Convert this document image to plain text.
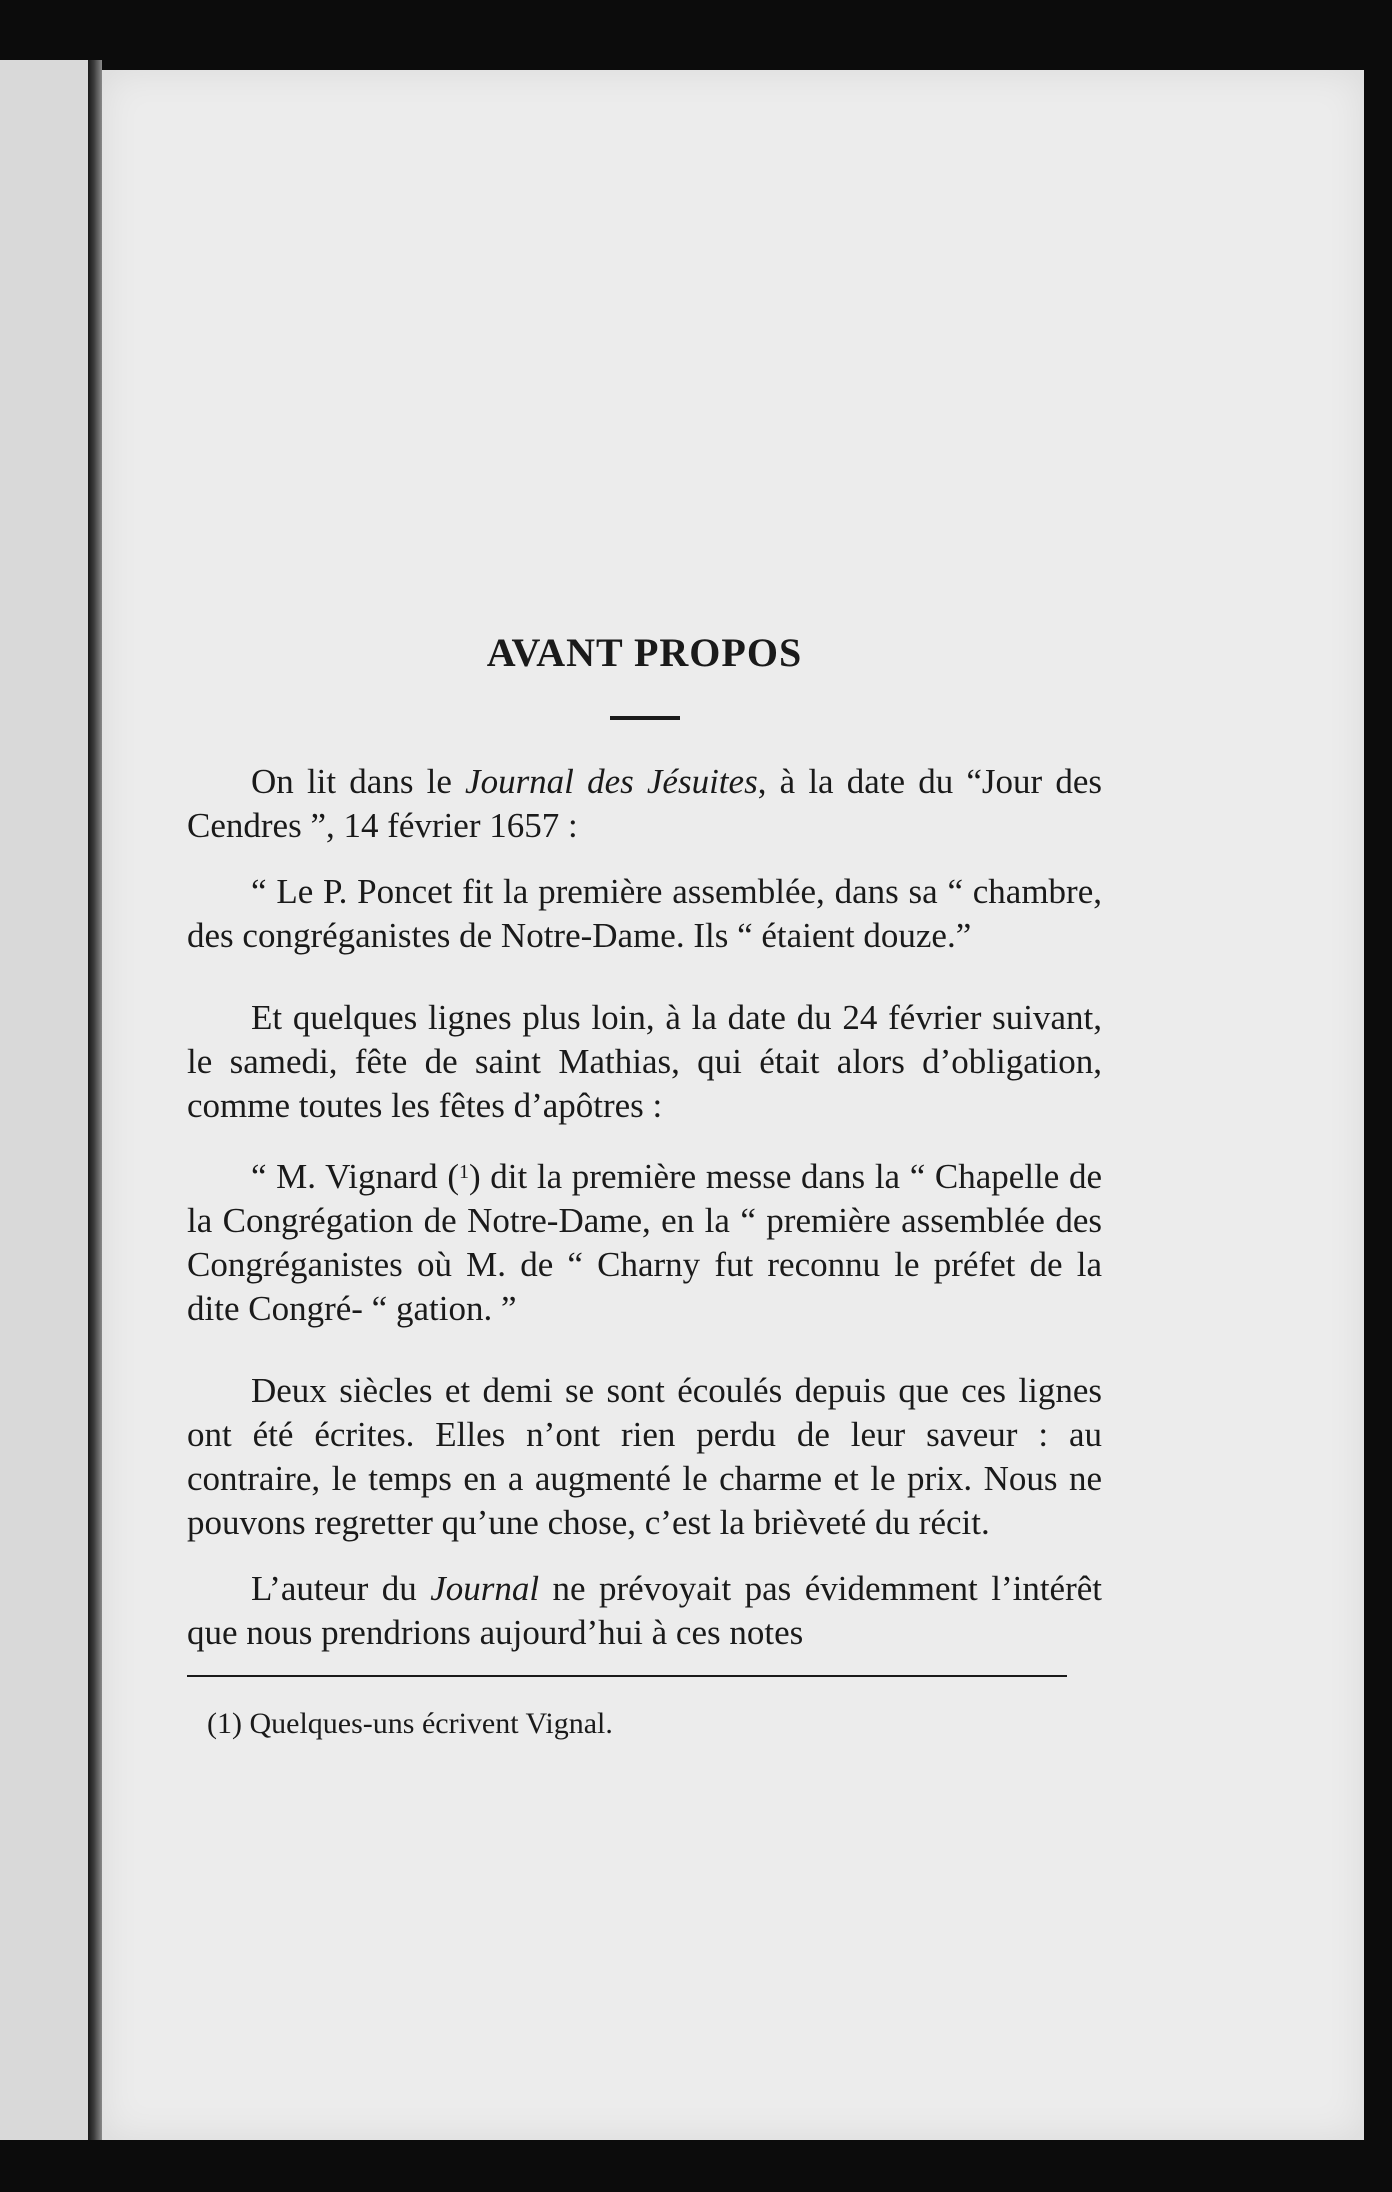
AVANT PROPOS

On lit dans le Journal des Jésuites, à la date du “Jour des Cendres ”, 14 février 1657 :

“ Le P. Poncet fit la première assemblée, dans sa “ chambre, des congréganistes de Notre-Dame. Ils “ étaient douze.”

Et quelques lignes plus loin, à la date du 24 février suivant, le samedi, fête de saint Mathias, qui était alors d’obligation, comme toutes les fêtes d’apôtres :

“ M. Vignard ($^1$) dit la première messe dans la “ Chapelle de la Congrégation de Notre-Dame, en la “ première assemblée des Congréganistes où M. de “ Charny fut reconnu le préfet de la dite Congré- “ gation. ”

Deux siècles et demi se sont écoulés depuis que ces lignes ont été écrites. Elles n’ont rien perdu de leur saveur : au contraire, le temps en a augmenté le charme et le prix. Nous ne pouvons regretter qu’une chose, c’est la brièveté du récit.

L’auteur du Journal ne prévoyait pas évidemment l’intérêt que nous prendrions aujourd’hui à ces notes

(1) Quelques-uns écrivent Vignal.
